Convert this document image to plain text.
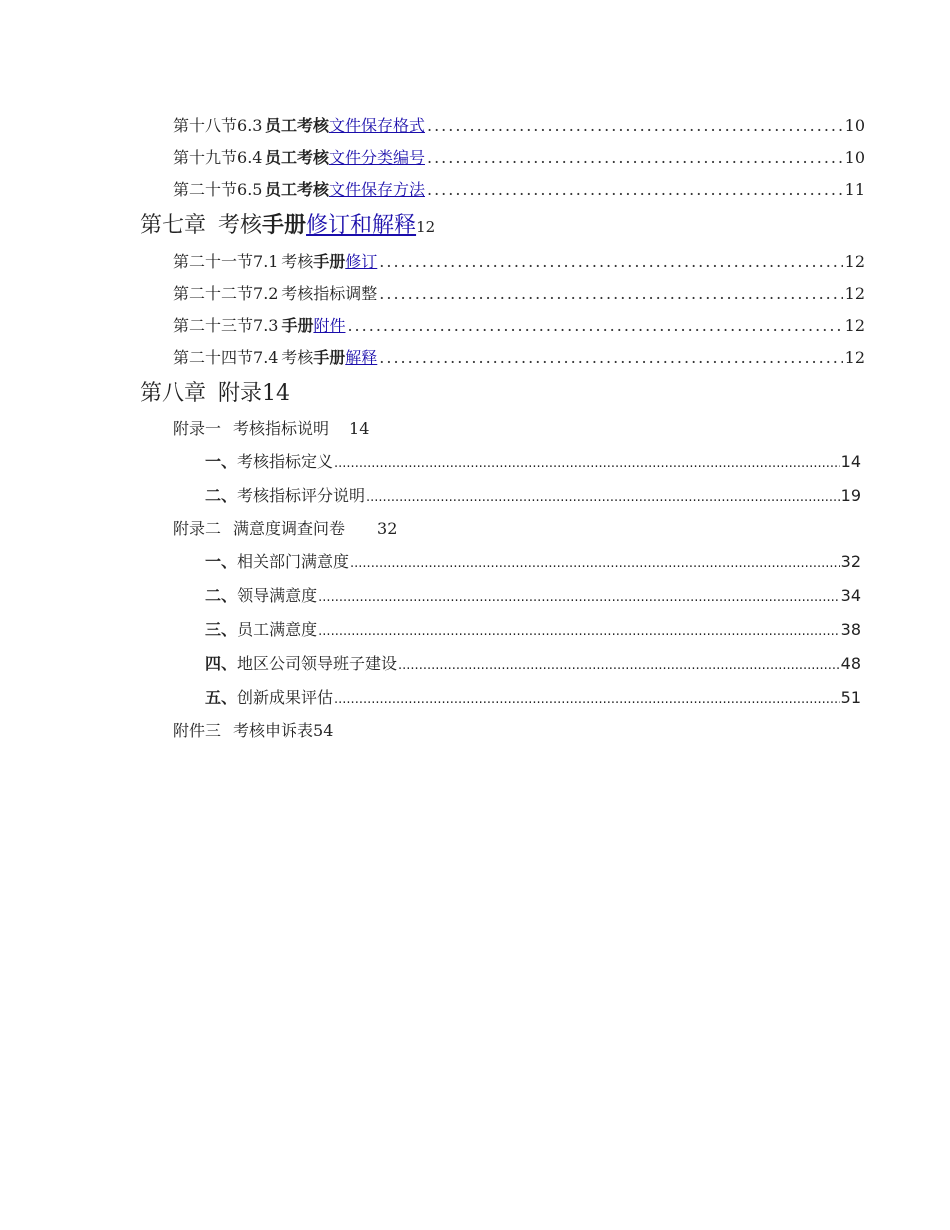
第十八节 6.3 员工考核 文件保存格式 .....	10
第十九节 6.4 员工考核 文件分类编号 .....	10
第二十节 6.5 员工考核 文件保存方法 .....	11
第七章 考核 手册 修订和解释 12
第二十一节 7.1 考核 手册 修订 .....	12
第二十二节 7.2 考核指标调整 .....	12
第二十三节 7.3 手册 附件 .....	12
第二十四节 7.4 考核 手册 解释 .....	12
第八章 附录 14
附录一 考核指标说明 14
一、 考核指标定义 .....	14
二、 考核指标评分说明 .....	19
附录二 满意度调查问卷 32
一、 相关部门满意度 .....	32
二、 领导满意度 .....	34
三、 员工满意度 .....	38
四、 地区公司领导班子建设 .....	48
五、 创新成果评估 .....	51
附件三 考核申诉表 54
